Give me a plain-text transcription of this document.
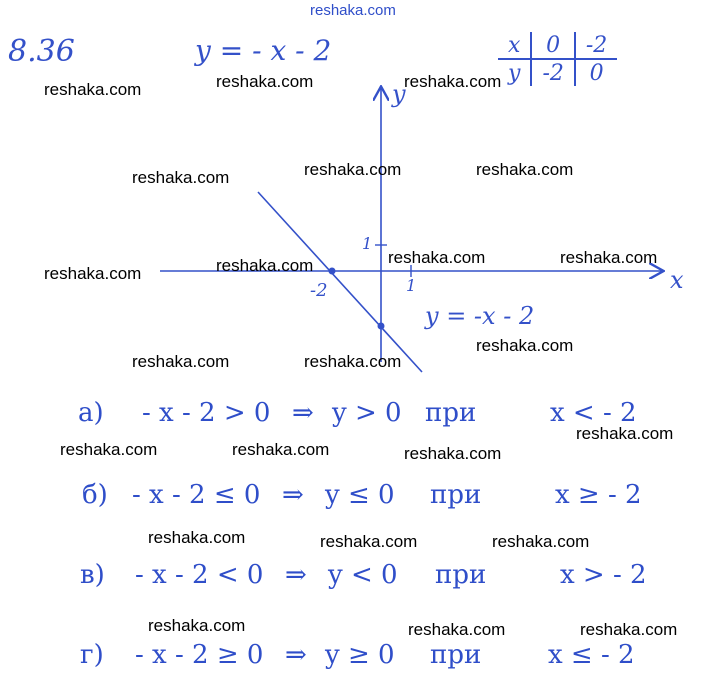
reshaka.com
8.36	y = - x - 2	x	0	-2
y	-2	0
y
x
1
1
-2
y = -x - 2
а) - x - 2 > 0 ⇒ y > 0 при	x < - 2
б) - x - 2 ≤ 0 ⇒ y ≤ 0 при	x ≥ - 2
в) - x - 2 < 0 ⇒ y < 0 при	x > - 2
г) - x - 2 ≥ 0 ⇒ y ≥ 0 при	x ≤ - 2
reshaka.com	reshaka.com	reshaka.com
reshaka.com	reshaka.com	reshaka.com
reshaka.com	reshaka.com	reshaka.com	reshaka.com
reshaka.com	reshaka.com
reshaka.com
reshaka.com
reshaka.com	reshaka.com	reshaka.com
reshaka.com	reshaka.com	reshaka.com
reshaka.com	reshaka.com	reshaka.com
